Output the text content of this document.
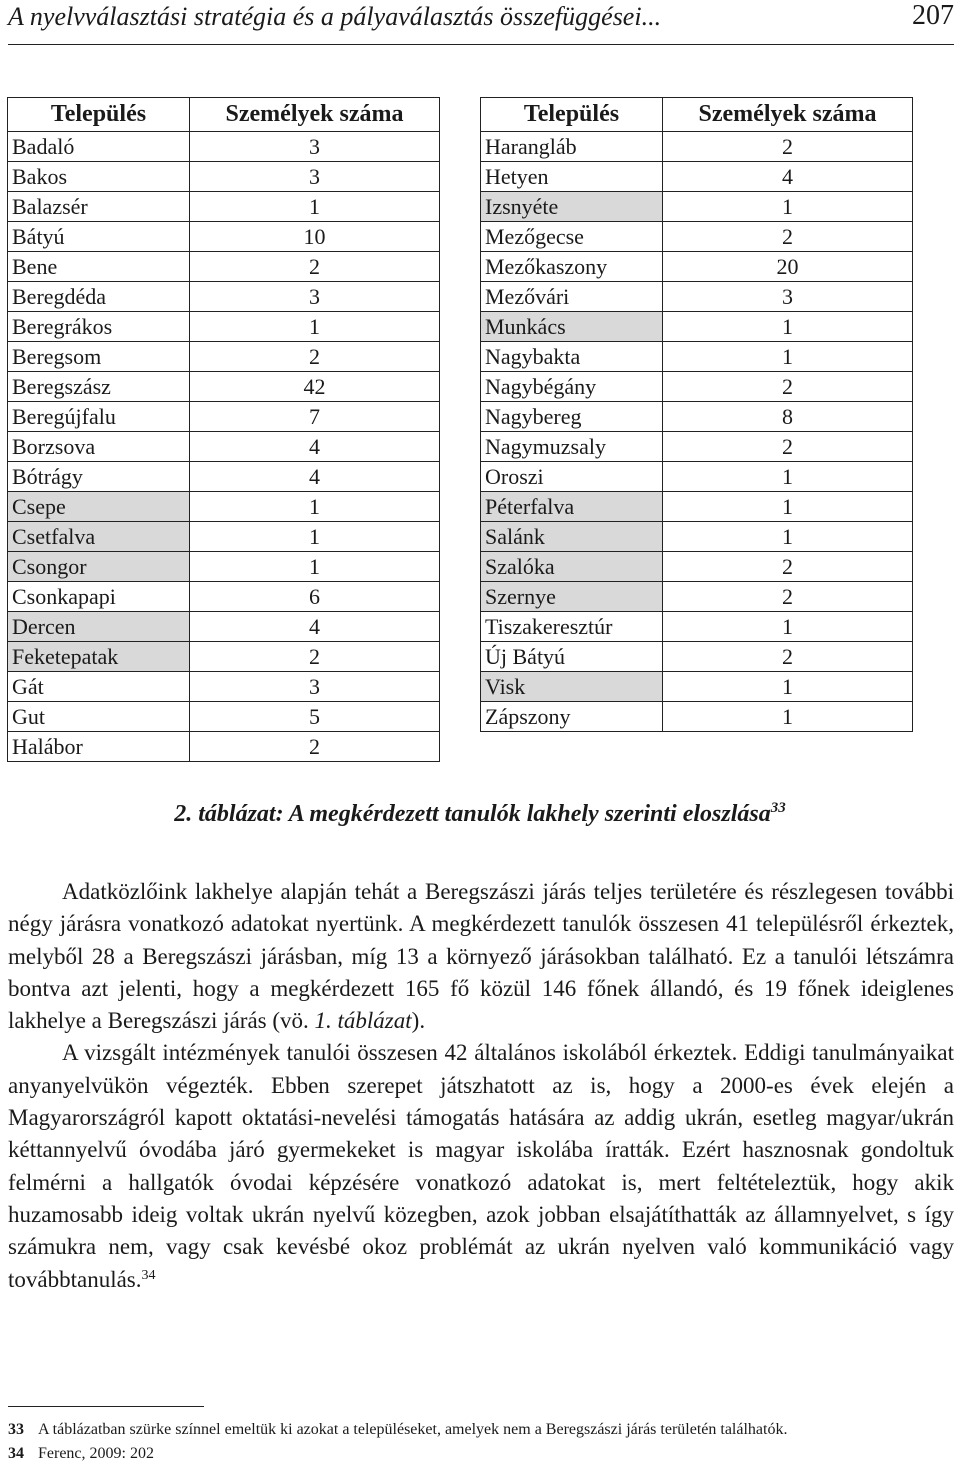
A nyelvválasztási stratégia és a pályaválasztás összefüggései...	207
Település	Személyek száma
Badaló	3
Bakos	3
Balazsér	1
Bátyú	10
Bene	2
Beregdéda	3
Beregrákos	1
Beregsom	2
Beregszász	42
Beregújfalu	7
Borzsova	4
Bótrágy	4
Csepe	1
Csetfalva	1
Csongor	1
Csonkapapi	6
Dercen	4
Feketepatak	2
Gát	3
Gut	5
Halábor	2
Település	Személyek száma
Harangláb	2
Hetyen	4
Izsnyéte	1
Mezőgecse	2
Mezőkaszony	20
Mezővári	3
Munkács	1
Nagybakta	1
Nagybégány	2
Nagybereg	8
Nagymuzsaly	2
Oroszi	1
Péterfalva	1
Salánk	1
Szalóka	2
Szernye	2
Tiszakeresztúr	1
Új Bátyú	2
Visk	1
Zápszony	1
2. táblázat: A megkérdezett tanulók lakhely szerinti eloszlása$^{33}$

Adatközlőink lakhelye alapján tehát a Beregszászi járás teljes területére és részlegesen további négy járásra vonatkozó adatokat nyertünk. A megkérdezett tanulók összesen 41 településről érkeztek, melyből 28 a Beregszászi járásban, míg 13 a környező járásokban található. Ez a tanulói létszámra bontva azt jelenti, hogy a megkérdezett 165 fő közül 146 főnek állandó, és 19 főnek ideiglenes lakhelye a Beregszászi járás (vö. 1. táblázat).

A vizsgált intézmények tanulói összesen 42 általános iskolából érkeztek. Eddigi tanulmányaikat anyanyelvükön végezték. Ebben szerepet játszhatott az is, hogy a 2000-es évek elején a Magyarországról kapott oktatási-nevelési támogatás hatására az addig ukrán, esetleg magyar/ukrán kéttannyelvű óvodába járó gyermekeket is magyar iskolába íratták. Ezért hasznosnak gondoltuk felmérni a hallgatók óvodai képzésére vonatkozó adatokat is, mert feltételeztük, hogy akik huzamosabb ideig voltak ukrán nyelvű közegben, azok jobban elsajátíthatták az államnyelvet, s így számukra nem, vagy csak kevésbé okoz problémát az ukrán nyelven való kommunikáció vagy továbbtanulás.$^{34}$

33 A táblázatban szürke színnel emeltük ki azokat a településeket, amelyek nem a Beregszászi járás területén találhatók.
34 Ferenc, 2009: 202
